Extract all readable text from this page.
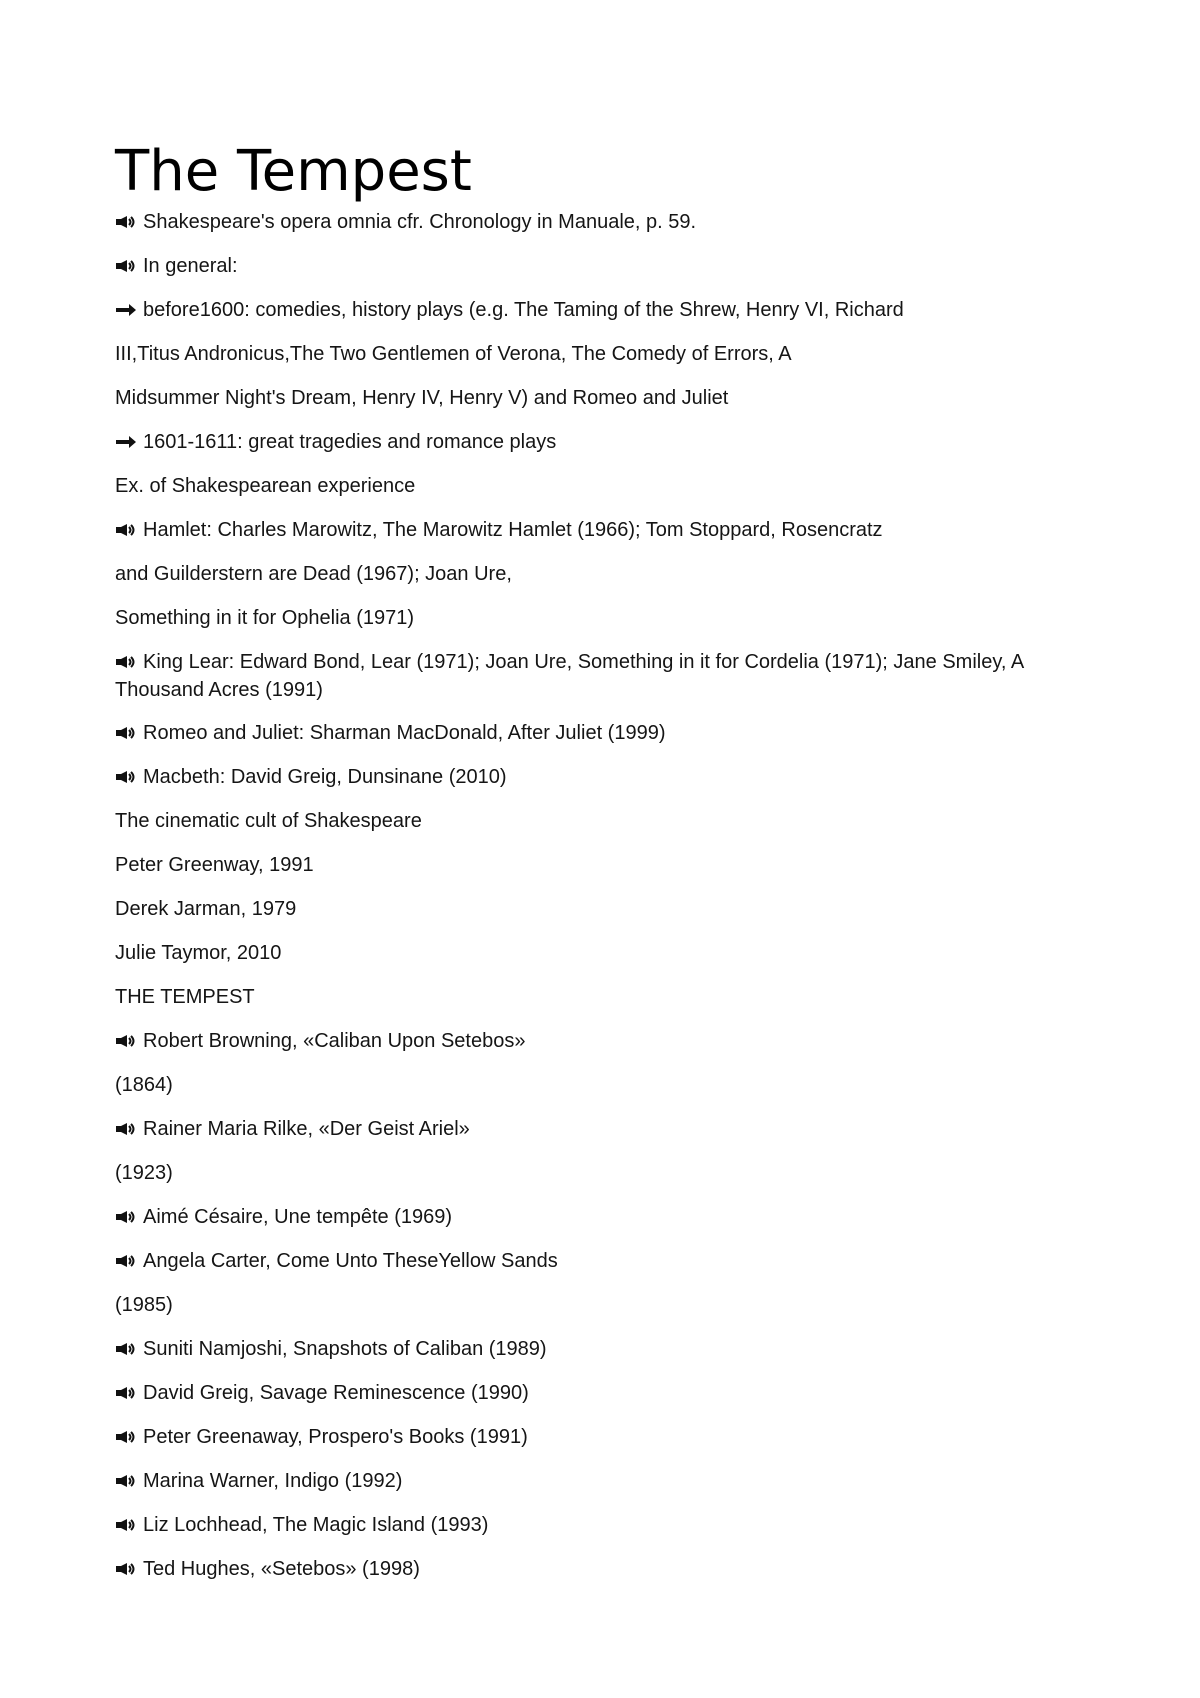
The Tempest

Shakespeare's opera omnia cfr. Chronology in Manuale, p. 59.

In general:

before1600: comedies, history plays (e.g. The Taming of the Shrew, Henry VI, Richard

III,Titus Andronicus,The Two Gentlemen of Verona, The Comedy of Errors, A

Midsummer Night's Dream, Henry IV, Henry V) and Romeo and Juliet

1601-1611: great tragedies and romance plays

Ex. of Shakespearean experience

Hamlet: Charles Marowitz, The Marowitz Hamlet (1966); Tom Stoppard, Rosencratz

and Guilderstern are Dead (1967); Joan Ure,

Something in it for Ophelia (1971)

King Lear: Edward Bond, Lear (1971); Joan Ure, Something in it for Cordelia (1971); Jane Smiley, A Thousand Acres (1991)

Romeo and Juliet: Sharman MacDonald, After Juliet (1999)

Macbeth: David Greig, Dunsinane (2010)

The cinematic cult of Shakespeare

Peter Greenway, 1991

Derek Jarman, 1979

Julie Taymor, 2010

THE TEMPEST

Robert Browning, «Caliban Upon Setebos»

(1864)

Rainer Maria Rilke, «Der Geist Ariel»

(1923)

Aimé Césaire, Une tempête (1969)

Angela Carter, Come Unto TheseYellow Sands

(1985)

Suniti Namjoshi, Snapshots of Caliban (1989)

David Greig, Savage Reminescence (1990)

Peter Greenaway, Prospero's Books (1991)

Marina Warner, Indigo (1992)

Liz Lochhead, The Magic Island (1993)

Ted Hughes, «Setebos» (1998)
